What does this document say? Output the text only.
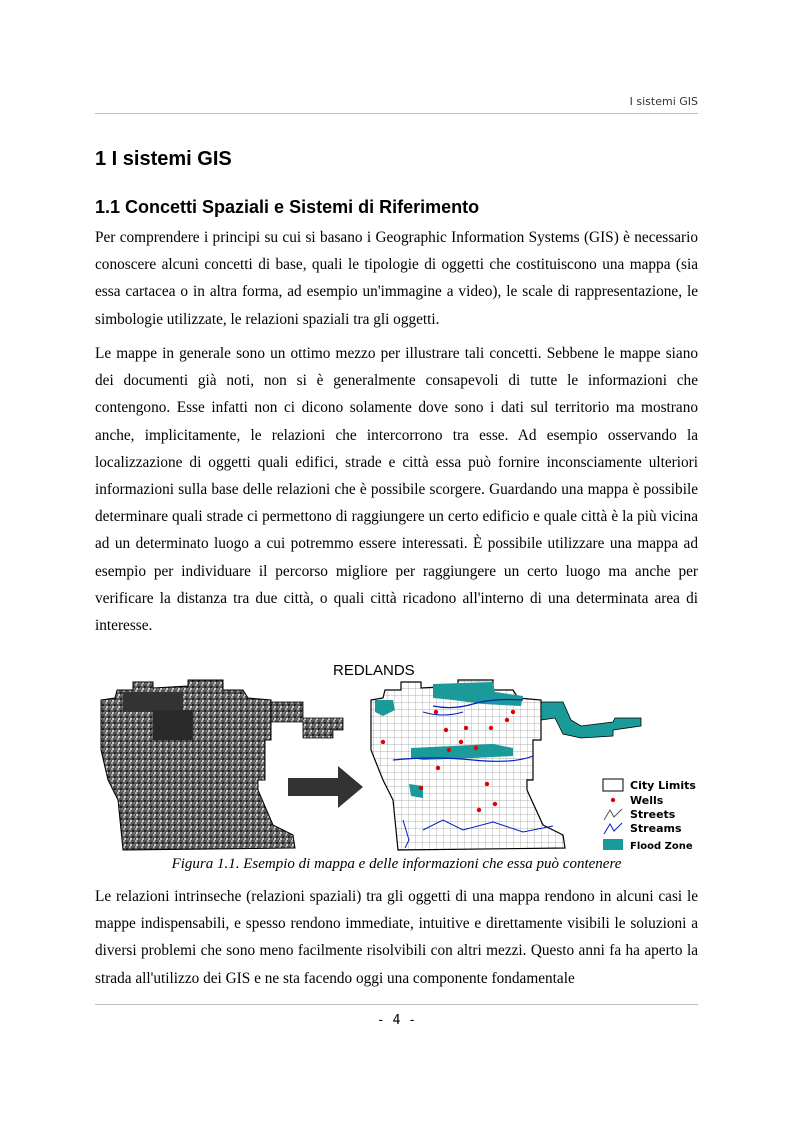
I sistemi GIS
1 I sistemi GIS
1.1 Concetti Spaziali e Sistemi di Riferimento

Per comprendere i principi su cui si basano i Geographic Information Systems (GIS) è necessario conoscere alcuni concetti di base, quali le tipologie di oggetti che costituiscono una mappa (sia essa cartacea o in altra forma, ad esempio un'immagine a video), le scale di rappresentazione, le simbologie utilizzate, le relazioni spaziali tra gli oggetti.

Le mappe in generale sono un ottimo mezzo per illustrare tali concetti. Sebbene le mappe siano dei documenti già noti, non si è generalmente consapevoli di tutte le informazioni che contengono. Esse infatti non ci dicono solamente dove sono i dati sul territorio ma mostrano anche, implicitamente, le relazioni che intercorrono tra esse. Ad esempio osservando la localizzazione di oggetti quali edifici, strade e città essa può fornire inconsciamente ulteriori informazioni sulla base delle relazioni che è possibile scorgere. Guardando una mappa è possibile determinare quali strade ci permettono di raggiungere un certo edificio e quale città è la più vicina ad un determinato luogo a cui potremmo essere interessati. È possibile utilizzare una mappa ad esempio per individuare il percorso migliore per raggiungere un certo luogo ma anche per verificare la distanza tra due città, o quali città ricadono all'interno di una determinata area di interesse.

REDLANDS
City Limits
Wells
Streets
Streams
Flood Zone
Figura 1.1. Esempio di mappa e delle informazioni che essa può contenere

Le relazioni intrinseche (relazioni spaziali) tra gli oggetti di una mappa rendono in alcuni casi le mappe indispensabili, e spesso rendono immediate, intuitive e direttamente visibili le soluzioni a diversi problemi che sono meno facilmente risolvibili con altri mezzi. Questo anni fa ha aperto la strada all'utilizzo dei GIS e ne sta facendo oggi una componente fondamentale

- 4 -
